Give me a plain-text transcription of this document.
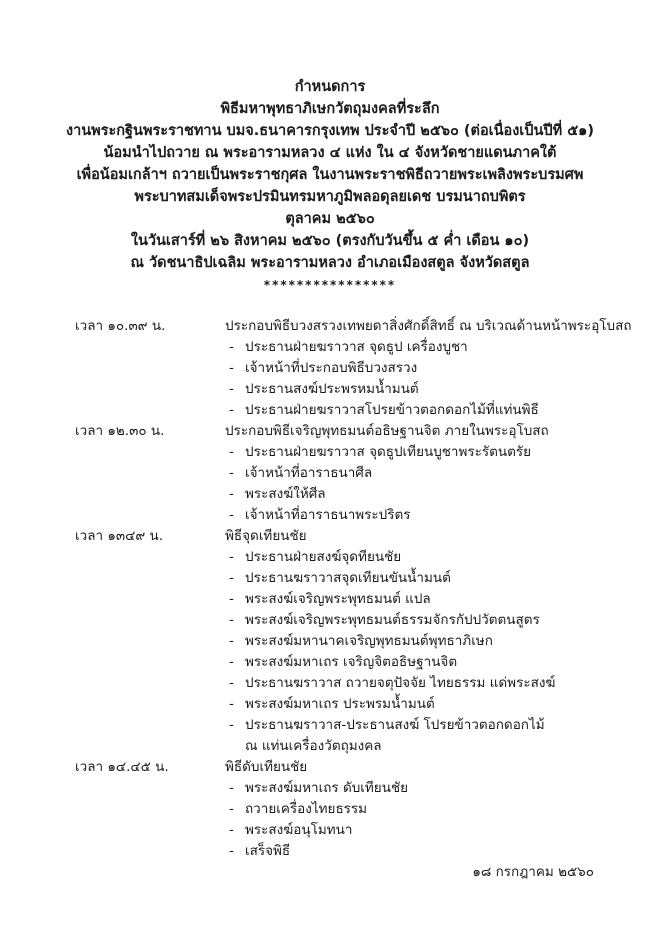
กำหนดการ
พิธีมหาพุทธาภิเษกวัตถุมงคลที่ระลึก
งานพระกฐินพระราชทาน บมจ.ธนาคารกรุงเทพ ประจำปี ๒๕๖๐ (ต่อเนื่องเป็นปีที่ ๕๑)
น้อมนำไปถวาย ณ พระอารามหลวง ๔ แห่ง ใน ๔ จังหวัดชายแดนภาคใต้
เพื่อน้อมเกล้าฯ ถวายเป็นพระราชกุศล ในงานพระราชพิธีถวายพระเพลิงพระบรมศพ
พระบาทสมเด็จพระปรมินทรมหาภูมิพลอดุลยเดช บรมนาถบพิตร
ตุลาคม ๒๕๖๐
ในวันเสาร์ที่ ๒๖ สิงหาคม ๒๕๖๐ (ตรงกับวันขึ้น ๕ ค่ำ เดือน ๑๐)
ณ วัดชนาธิปเฉลิม พระอารามหลวง อำเภอเมืองสตูล จังหวัดสตูล
****************
เวลา ๑๐.๓๙ น.	ประกอบพิธีบวงสรวงเทพยดาสิ่งศักดิ์สิทธิ์ ณ บริเวณด้านหน้าพระอุโบสถ
- ประธานฝ่ายฆราวาส จุดธูป เครื่องบูชา
- เจ้าหน้าที่ประกอบพิธีบวงสรวง
- ประธานสงฆ์ประพรหมน้ำมนต์
- ประธานฝ่ายฆราวาสโปรยข้าวตอกดอกไม้ที่แท่นพิธี
เวลา ๑๒.๓๐ น.	ประกอบพิธีเจริญพุทธมนต์อธิษฐานจิต ภายในพระอุโบสถ
- ประธานฝ่ายฆราวาส จุดธูปเทียนบูชาพระรัตนตรัย
- เจ้าหน้าที่อาราธนาศีล
- พระสงฆ์ให้ศีล
- เจ้าหน้าที่อาราธนาพระปริตร
เวลา ๑๓๔๙ น.	พิธีจุดเทียนชัย
- ประธานฝ่ายสงฆ์จุดทียนชัย
- ประธานฆราวาสจุดเทียนขันน้ำมนต์
- พระสงฆ์เจริญพระพุทธมนต์ แปล
- พระสงฆ์เจริญพระพุทธมนต์ธรรมจักรกัปปวัตตนสูตร
- พระสงฆ์มหานาคเจริญพุทธมนต์พุทธาภิเษก
- พระสงฆ์มหาเถร เจริญจิตอธิษฐานจิต
- ประธานฆราวาส ถวายจตุปัจจัย ไทยธรรม แด่พระสงฆ์
- พระสงฆ์มหาเถร ประพรมน้ำมนต์
- ประธานฆราวาส-ประธานสงฆ์ โปรยข้าวตอกดอกไม้
ณ แท่นเครื่องวัตถุมงคล
เวลา ๑๔.๔๕ น.	พิธีดับเทียนชัย
- พระสงฆ์มหาเถร ดับเทียนชัย
- ถวายเครื่องไทยธรรม
- พระสงฆ์อนุโมทนา
- เสร็จพิธี
๑๘ กรกฎาคม ๒๕๖๐
